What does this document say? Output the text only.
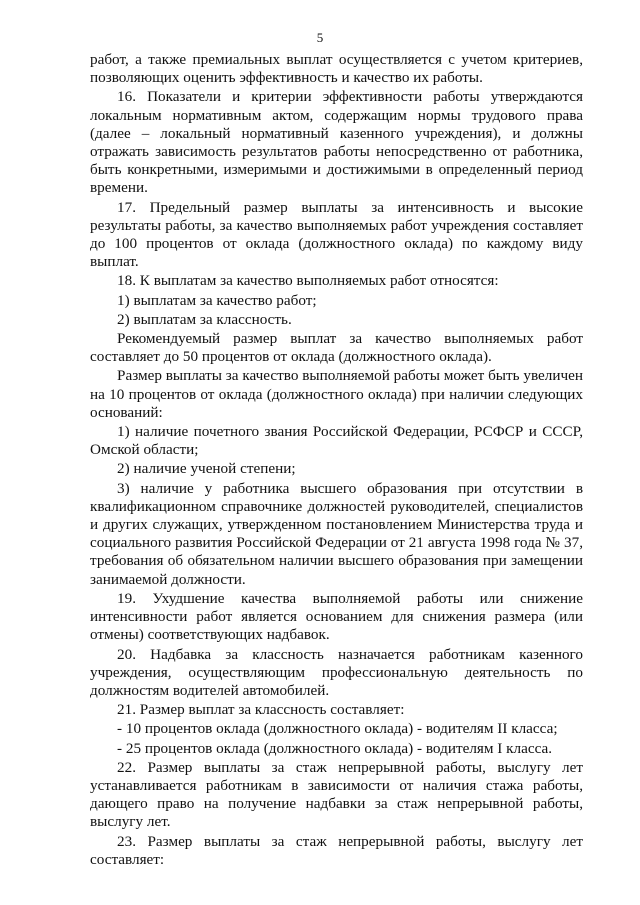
5

работ, а также премиальных выплат осуществляется с учетом критериев, позволяющих оценить эффективность и качество их работы.

16. Показатели и критерии эффективности работы утверждаются локальным нормативным актом, содержащим нормы трудового права (далее – локальный нормативный казенного учреждения), и должны отражать зависимость результатов работы непосредственно от работника, быть конкретными, измеримыми и достижимыми в определенный период времени.

17. Предельный размер выплаты за интенсивность и высокие результаты работы, за качество выполняемых работ учреждения составляет до 100 процентов от оклада (должностного оклада) по каждому виду выплат.

18. К выплатам за качество выполняемых работ относятся:

1) выплатам за качество работ;

2) выплатам за классность.

Рекомендуемый размер выплат за качество выполняемых работ составляет до 50 процентов от оклада (должностного оклада).

Размер выплаты за качество выполняемой работы может быть увеличен на 10 процентов от оклада (должностного оклада) при наличии следующих оснований:

1) наличие почетного звания Российской Федерации, РСФСР и СССР, Омской области;

2) наличие ученой степени;

3) наличие у работника высшего образования при отсутствии в квалификационном справочнике должностей руководителей, специалистов и других служащих, утвержденном постановлением Министерства труда и социального развития Российской Федерации от 21 августа 1998 года № 37, требования об обязательном наличии высшего образования при замещении занимаемой должности.

19. Ухудшение качества выполняемой работы или снижение интенсивности работ является основанием для снижения размера (или отмены) соответствующих надбавок.

20. Надбавка за классность назначается работникам казенного учреждения, осуществляющим профессиональную деятельность по должностям водителей автомобилей.

21. Размер выплат за классность составляет:

- 10 процентов оклада (должностного оклада) - водителям II класса;

- 25 процентов оклада (должностного оклада) - водителям I класса.

22. Размер выплаты за стаж непрерывной работы, выслугу лет устанавливается работникам в зависимости от наличия стажа работы, дающего право на получение надбавки за стаж непрерывной работы, выслугу лет.

23. Размер выплаты за стаж непрерывной работы, выслугу лет составляет:
